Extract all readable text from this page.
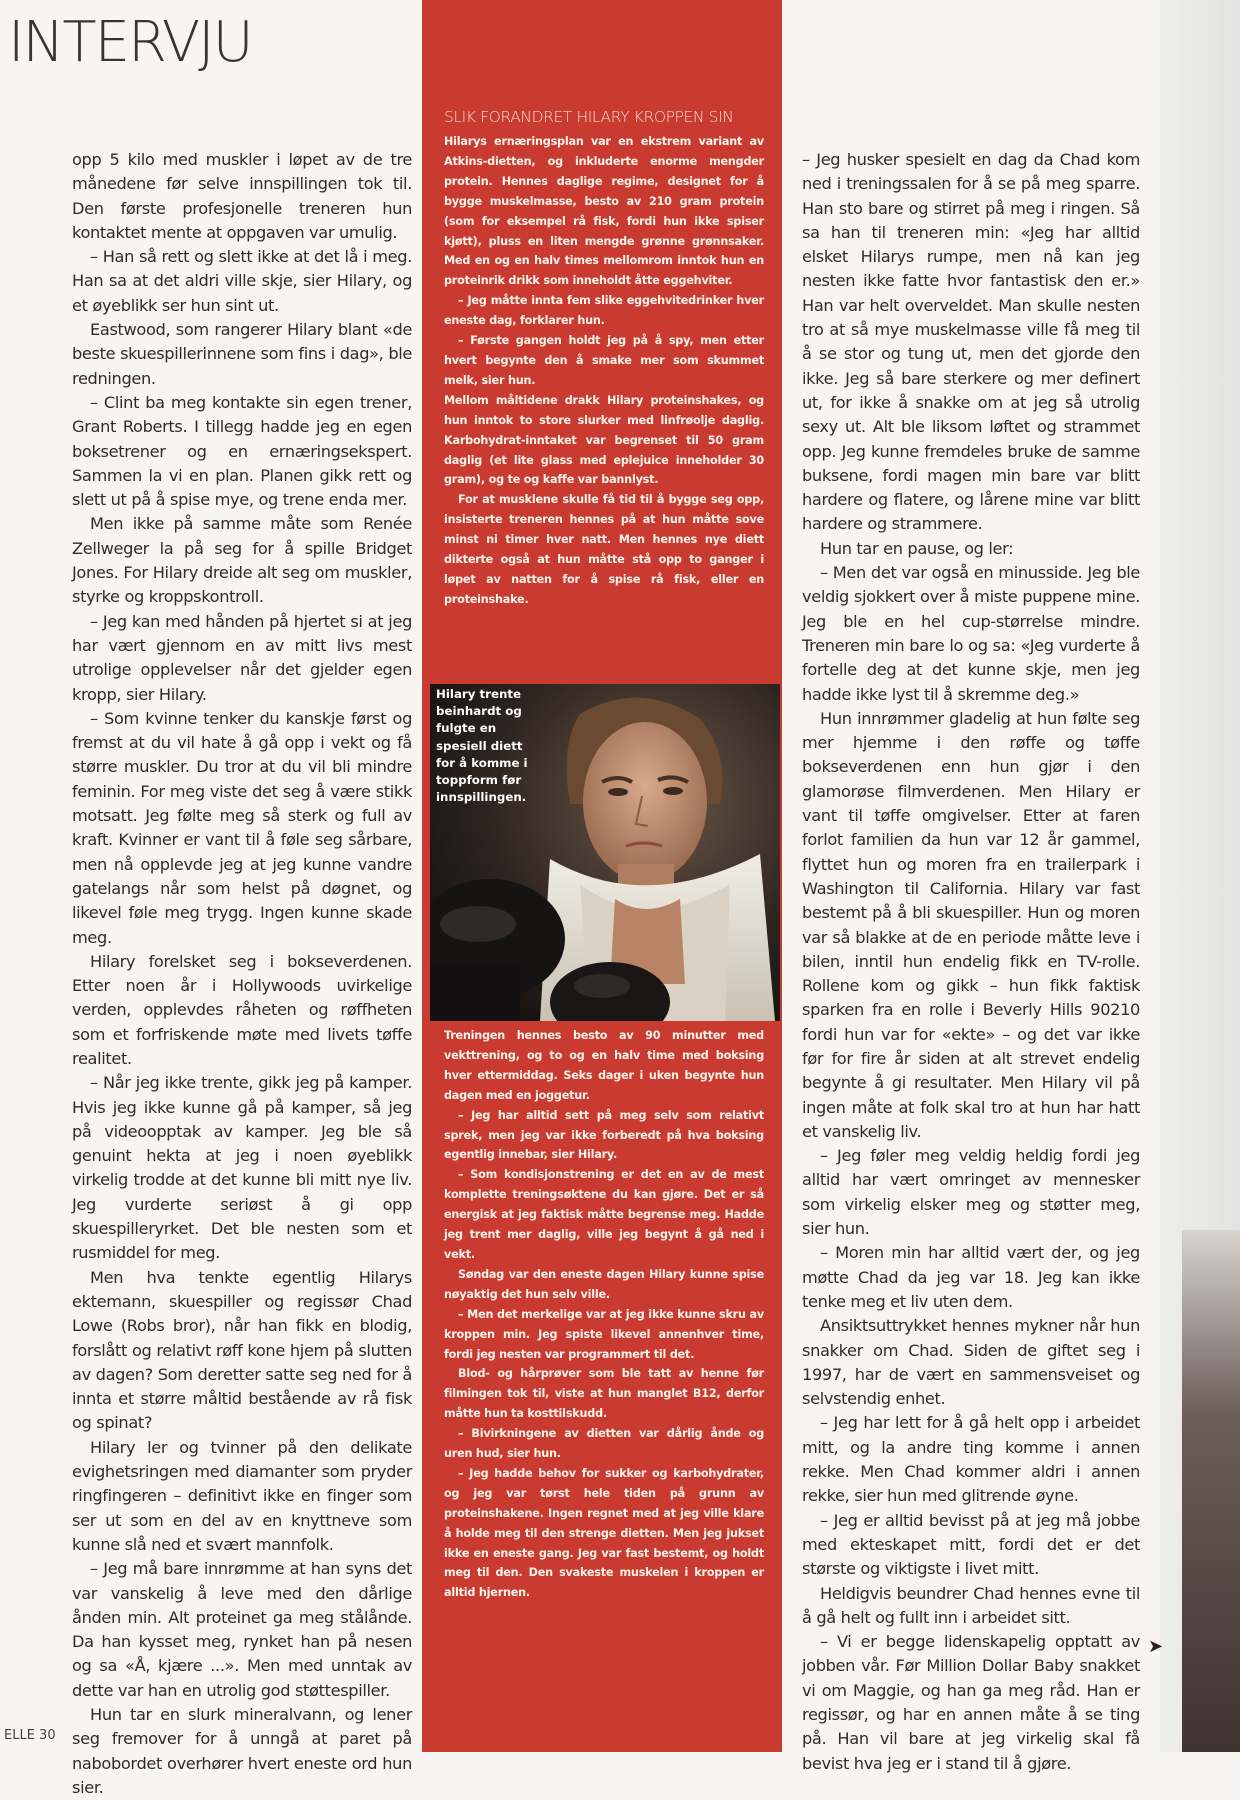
INTERVJU

opp 5 kilo med muskler i løpet av de tre månedene før selve innspillingen tok til. Den første profesjonelle treneren hun kontaktet mente at oppgaven var umulig.

– Han så rett og slett ikke at det lå i meg. Han sa at det aldri ville skje, sier Hilary, og et øyeblikk ser hun sint ut.

Eastwood, som rangerer Hilary blant «de beste skuespillerinnene som fins i dag», ble redningen.

– Clint ba meg kontakte sin egen trener, Grant Roberts. I tillegg hadde jeg en egen boksetrener og en ernæringsekspert. Sammen la vi en plan. Planen gikk rett og slett ut på å spise mye, og trene enda mer.

Men ikke på samme måte som Renée Zellweger la på seg for å spille Bridget Jones. For Hilary dreide alt seg om muskler, styrke og kroppskontroll.

– Jeg kan med hånden på hjertet si at jeg har vært gjennom en av mitt livs mest utrolige opplevelser når det gjelder egen kropp, sier Hilary.

– Som kvinne tenker du kanskje først og fremst at du vil hate å gå opp i vekt og få større muskler. Du tror at du vil bli mindre feminin. For meg viste det seg å være stikk motsatt. Jeg følte meg så sterk og full av kraft. Kvinner er vant til å føle seg sårbare, men nå opplevde jeg at jeg kunne vandre gatelangs når som helst på døgnet, og likevel føle meg trygg. Ingen kunne skade meg.

Hilary forelsket seg i bokseverdenen. Etter noen år i Hollywoods uvirkelige verden, opplevdes råheten og røffheten som et forfriskende møte med livets tøffe realitet.

– Når jeg ikke trente, gikk jeg på kamper. Hvis jeg ikke kunne gå på kamper, så jeg på videoopptak av kamper. Jeg ble så genuint hekta at jeg i noen øyeblikk virkelig trodde at det kunne bli mitt nye liv. Jeg vurderte seriøst å gi opp skuespilleryrket. Det ble nesten som et rusmiddel for meg.

Men hva tenkte egentlig Hilarys ektemann, skuespiller og regissør Chad Lowe (Robs bror), når han fikk en blodig, forslått og relativt røff kone hjem på slutten av dagen? Som deretter satte seg ned for å innta et større måltid bestående av rå fisk og spinat?

Hilary ler og tvinner på den delikate evighetsringen med diamanter som pryder ringfingeren – definitivt ikke en finger som ser ut som en del av en knyttneve som kunne slå ned et svært mannfolk.

– Jeg må bare innrømme at han syns det var vanskelig å leve med den dårlige ånden min. Alt proteinet ga meg stålånde. Da han kysset meg, rynket han på nesen og sa «Å, kjære ...». Men med unntak av dette var han en utrolig god støttespiller.

Hun tar en slurk mineralvann, og lener seg fremover for å unngå at paret på nabobordet overhører hvert eneste ord hun sier.

SLIK FORANDRET HILARY KROPPEN SIN

Hilarys ernæringsplan var en ekstrem variant av Atkins-dietten, og inkluderte enorme mengder protein. Hennes daglige regime, designet for å bygge muskelmasse, besto av 210 gram protein (som for eksempel rå fisk, fordi hun ikke spiser kjøtt), pluss en liten mengde grønne grønnsaker. Med en og en halv times mellomrom inntok hun en proteinrik drikk som inneholdt åtte eggehviter.

– Jeg måtte innta fem slike eggehvitedrinker hver eneste dag, forklarer hun.

– Første gangen holdt jeg på å spy, men etter hvert begynte den å smake mer som skummet melk, sier hun.

Mellom måltidene drakk Hilary proteinshakes, og hun inntok to store slurker med linfrøolje daglig. Karbohydrat-inntaket var begrenset til 50 gram daglig (et lite glass med eplejuice inneholder 30 gram), og te og kaffe var bannlyst.

For at musklene skulle få tid til å bygge seg opp, insisterte treneren hennes på at hun måtte sove minst ni timer hver natt. Men hennes nye diett dikterte også at hun måtte stå opp to ganger i løpet av natten for å spise rå fisk, eller en proteinshake.

Hilary trente beinhardt og fulgte en spesiell diett for å komme i toppform før innspillingen.

Treningen hennes besto av 90 minutter med vekttrening, og to og en halv time med boksing hver ettermiddag. Seks dager i uken begynte hun dagen med en joggetur.

– Jeg har alltid sett på meg selv som relativt sprek, men jeg var ikke forberedt på hva boksing egentlig innebar, sier Hilary.

– Som kondisjonstrening er det en av de mest komplette treningsøktene du kan gjøre. Det er så energisk at jeg faktisk måtte begrense meg. Hadde jeg trent mer daglig, ville jeg begynt å gå ned i vekt.

Søndag var den eneste dagen Hilary kunne spise nøyaktig det hun selv ville.

– Men det merkelige var at jeg ikke kunne skru av kroppen min. Jeg spiste likevel annenhver time, fordi jeg nesten var programmert til det.

Blod- og hårprøver som ble tatt av henne før filmingen tok til, viste at hun manglet B12, derfor måtte hun ta kosttilskudd.

– Bivirkningene av dietten var dårlig ånde og uren hud, sier hun.

– Jeg hadde behov for sukker og karbohydrater, og jeg var tørst hele tiden på grunn av proteinshakene. Ingen regnet med at jeg ville klare å holde meg til den strenge dietten. Men jeg jukset ikke en eneste gang. Jeg var fast bestemt, og holdt meg til den. Den svakeste muskelen i kroppen er alltid hjernen.

– Jeg husker spesielt en dag da Chad kom ned i treningssalen for å se på meg sparre. Han sto bare og stirret på meg i ringen. Så sa han til treneren min: «Jeg har alltid elsket Hilarys rumpe, men nå kan jeg nesten ikke fatte hvor fantastisk den er.» Han var helt overveldet. Man skulle nesten tro at så mye muskelmasse ville få meg til å se stor og tung ut, men det gjorde den ikke. Jeg så bare sterkere og mer definert ut, for ikke å snakke om at jeg så utrolig sexy ut. Alt ble liksom løftet og strammet opp. Jeg kunne fremdeles bruke de samme buksene, fordi magen min bare var blitt hardere og flatere, og lårene mine var blitt hardere og strammere.

Hun tar en pause, og ler:

– Men det var også en minusside. Jeg ble veldig sjokkert over å miste puppene mine. Jeg ble en hel cup-størrelse mindre. Treneren min bare lo og sa: «Jeg vurderte å fortelle deg at det kunne skje, men jeg hadde ikke lyst til å skremme deg.»

Hun innrømmer gladelig at hun følte seg mer hjemme i den røffe og tøffe bokseverdenen enn hun gjør i den glamorøse filmverdenen. Men Hilary er vant til tøffe omgivelser. Etter at faren forlot familien da hun var 12 år gammel, flyttet hun og moren fra en trailerpark i Washington til California. Hilary var fast bestemt på å bli skuespiller. Hun og moren var så blakke at de en periode måtte leve i bilen, inntil hun endelig fikk en TV-rolle. Rollene kom og gikk – hun fikk faktisk sparken fra en rolle i Beverly Hills 90210 fordi hun var for «ekte» – og det var ikke før for fire år siden at alt strevet endelig begynte å gi resultater. Men Hilary vil på ingen måte at folk skal tro at hun har hatt et vanskelig liv.

– Jeg føler meg veldig heldig fordi jeg alltid har vært omringet av mennesker som virkelig elsker meg og støtter meg, sier hun.

– Moren min har alltid vært der, og jeg møtte Chad da jeg var 18. Jeg kan ikke tenke meg et liv uten dem.

Ansiktsuttrykket hennes mykner når hun snakker om Chad. Siden de giftet seg i 1997, har de vært en sammensveiset og selvstendig enhet.

– Jeg har lett for å gå helt opp i arbeidet mitt, og la andre ting komme i annen rekke. Men Chad kommer aldri i annen rekke, sier hun med glitrende øyne.

– Jeg er alltid bevisst på at jeg må jobbe med ekteskapet mitt, fordi det er det største og viktigste i livet mitt.

Heldigvis beundrer Chad hennes evne til å gå helt og fullt inn i arbeidet sitt.

– Vi er begge lidenskapelig opptatt av jobben vår. Før Million Dollar Baby snakket vi om Maggie, og han ga meg råd. Han er regissør, og har en annen måte å se ting på. Han vil bare at jeg virkelig skal få bevist hva jeg er i stand til å gjøre.

➤
ELLE 30
